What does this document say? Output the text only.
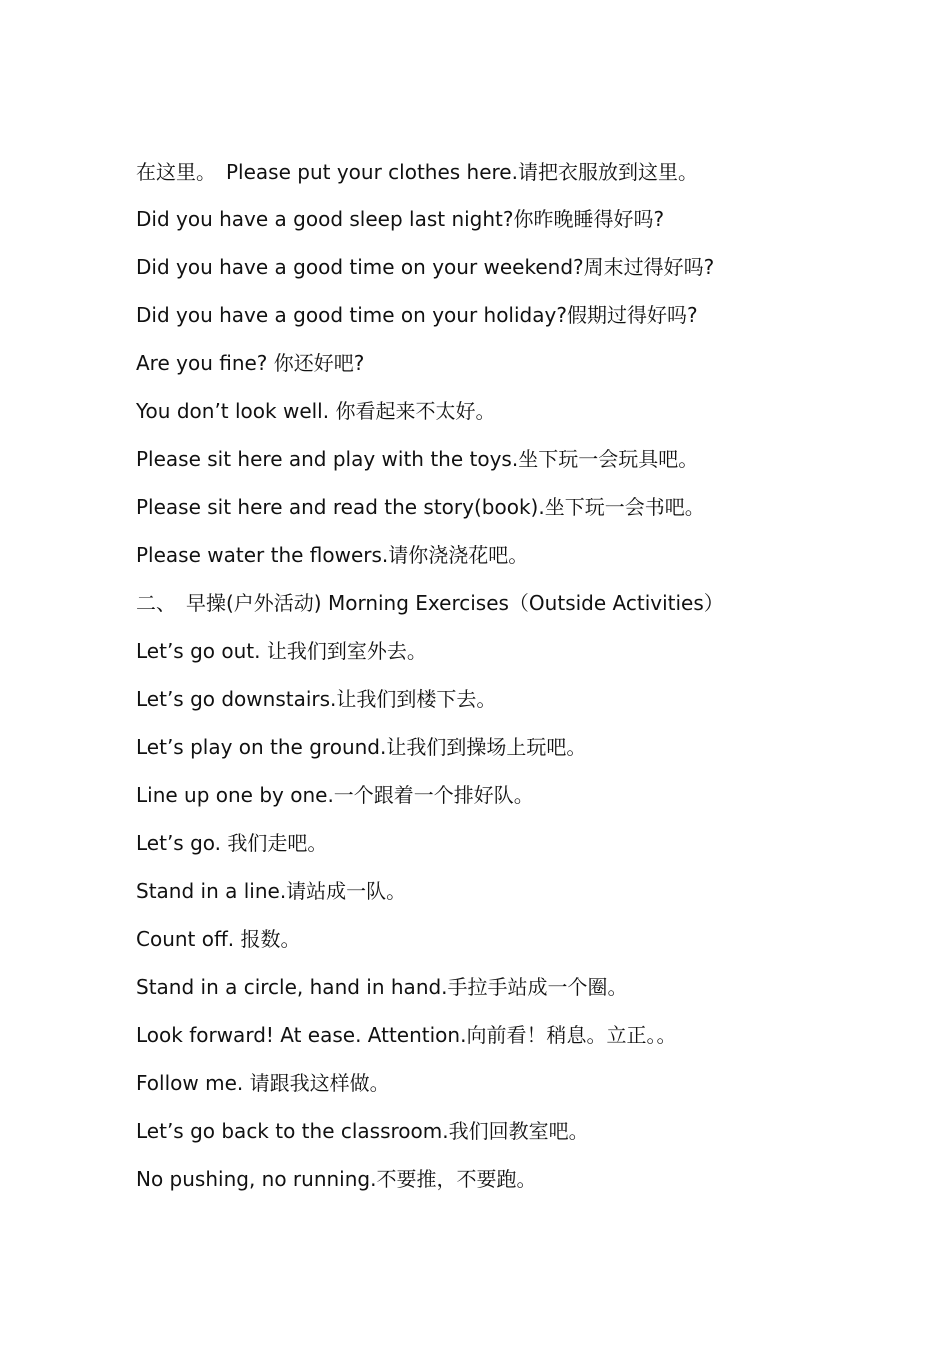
在这里。　Please put your clothes here.请把衣服放到这里。
Did you have a good sleep last night?你昨晚睡得好吗?
Did you have a good time on your weekend?周末过得好吗?
Did you have a good time on your holiday?假期过得好吗?
Are you fine? 你还好吧?
You don’t look well. 你看起来不太好。
Please sit here and play with the toys.坐下玩一会玩具吧。
Please sit here and read the story(book).坐下玩一会书吧。
Please water the flowers.请你浇浇花吧。
二、　早操(户外活动) Morning Exercises（Outside Activities）
Let’s go out. 让我们到室外去。
Let’s go downstairs.让我们到楼下去。
Let’s play on the ground.让我们到操场上玩吧。
Line up one by one.一个跟着一个排好队。
Let’s go. 我们走吧。
Stand in a line.请站成一队。
Count off. 报数。
Stand in a circle, hand in hand.手拉手站成一个圈。
Look forward! At ease. Attention.向前看！稍息。立正。。
Follow me. 请跟我这样做。
Let’s go back to the classroom.我们回教室吧。
No pushing, no running.不要推，不要跑。
